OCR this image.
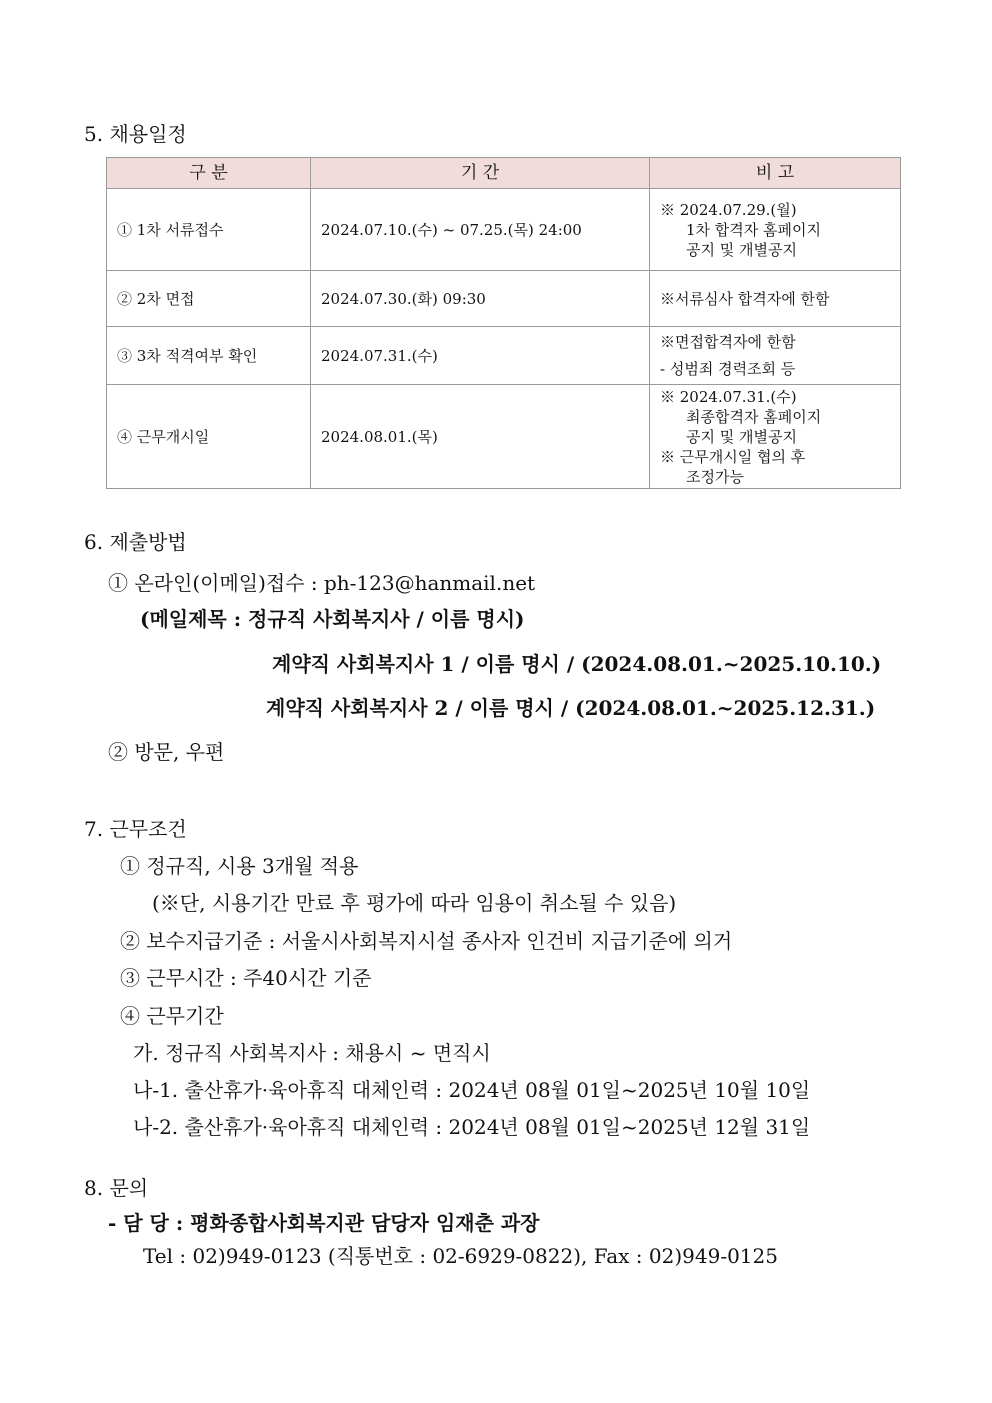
5. 채용일정
구 분	기 간	비 고
① 1차 서류접수	2024.07.10.(수) ~ 07.25.(목) 24:00	※ 2024.07.29.(월)
1차 합격자 홈페이지
공지 및 개별공지

② 2차 면접	2024.07.30.(화) 09:30	※서류심사 합격자에 한함

③ 3차 적격여부 확인	2024.07.31.(수)	※면접합격자에 한함
- 성범죄 경력조회 등

④ 근무개시일	2024.08.01.(목)	※ 2024.07.31.(수)
최종합격자 홈페이지
공지 및 개별공지
※ 근무개시일 협의 후
조정가능
6. 제출방법
① 온라인(이메일)접수 : ph-123@hanmail.net
(메일제목 : 정규직 사회복지사 / 이름 명시)
계약직 사회복지사 1 / 이름 명시 / (2024.08.01.~2025.10.10.)
계약직 사회복지사 2 / 이름 명시 / (2024.08.01.~2025.12.31.)
② 방문, 우편
7. 근무조건
① 정규직, 시용 3개월 적용
(※단, 시용기간 만료 후 평가에 따라 임용이 취소될 수 있음)
② 보수지급기준 : 서울시사회복지시설 종사자 인건비 지급기준에 의거
③ 근무시간 : 주40시간 기준
④ 근무기간
가. 정규직 사회복지사 : 채용시 ~ 면직시
나-1. 출산휴가·육아휴직 대체인력 : 2024년 08월 01일~2025년 10월 10일
나-2. 출산휴가·육아휴직 대체인력 : 2024년 08월 01일~2025년 12월 31일
8. 문의
- 담 당 : 평화종합사회복지관 담당자 임재춘 과장
Tel : 02)949-0123 (직통번호 : 02-6929-0822), Fax : 02)949-0125
